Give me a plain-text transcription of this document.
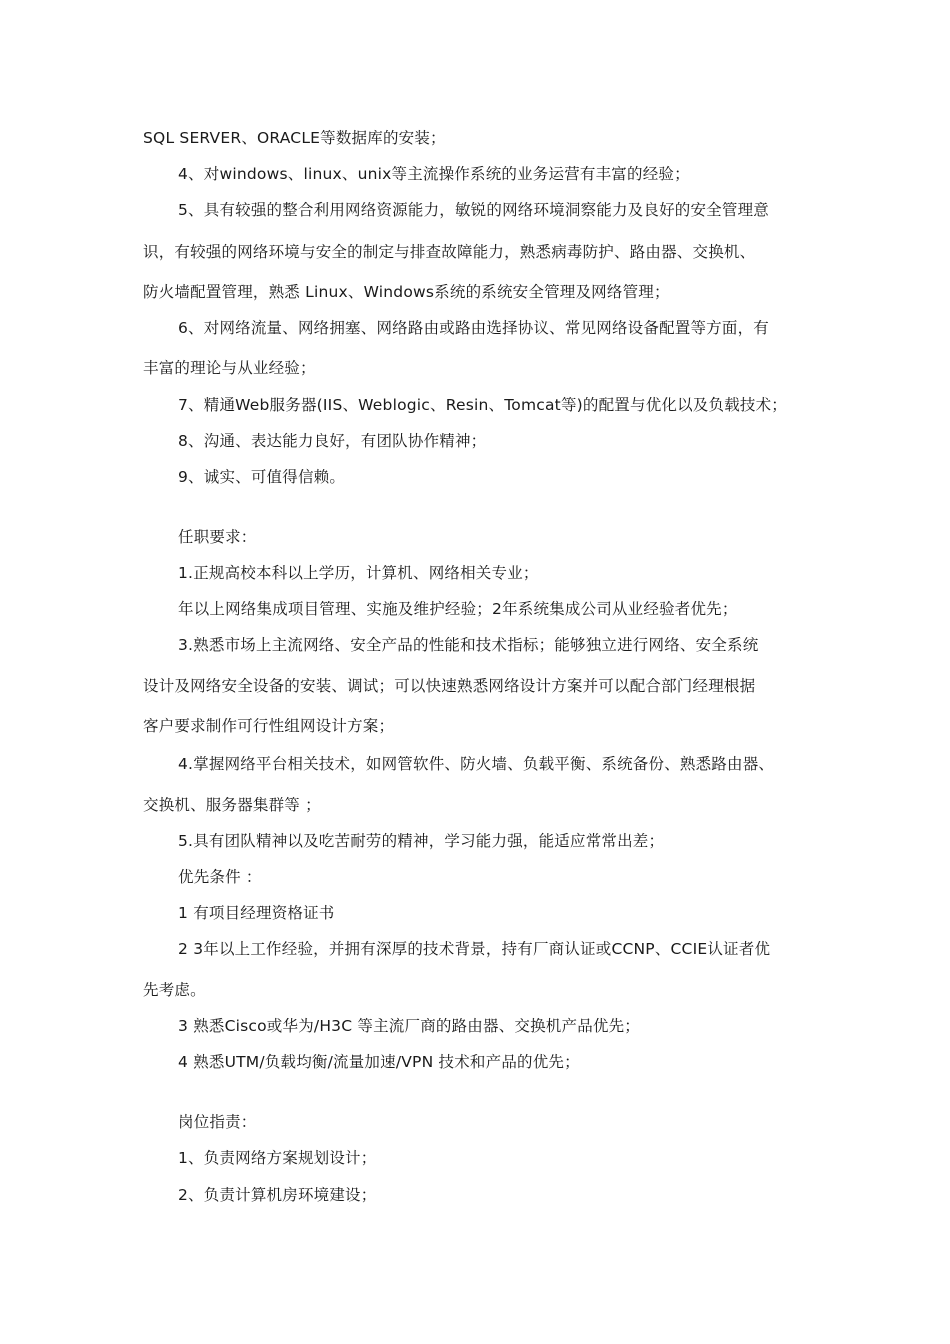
SQL SERVER、ORACLE等数据库的安装；
4、对windows、linux、unix等主流操作系统的业务运营有丰富的经验；
5、具有较强的整合利用网络资源能力，敏锐的网络环境洞察能力及良好的安全管理意
识，有较强的网络环境与安全的制定与排查故障能力，熟悉病毒防护、路由器、交换机、
防火墙配置管理，熟悉 Linux、Windows系统的系统安全管理及网络管理；
6、对网络流量、网络拥塞、网络路由或路由选择协议、常见网络设备配置等方面，有
丰富的理论与从业经验；
7、精通Web服务器(IIS、Weblogic、Resin、Tomcat等)的配置与优化以及负载技术；
8、沟通、表达能力良好，有团队协作精神；
9、诚实、可值得信赖。
任职要求：
1.正规高校本科以上学历，计算机、网络相关专业；
年以上网络集成项目管理、实施及维护经验；2年系统集成公司从业经验者优先；
3.熟悉市场上主流网络、安全产品的性能和技术指标；能够独立进行网络、安全系统
设计及网络安全设备的安装、调试；可以快速熟悉网络设计方案并可以配合部门经理根据
客户要求制作可行性组网设计方案；
4.掌握网络平台相关技术，如网管软件、防火墙、负载平衡、系统备份、熟悉路由器、
交换机、服务器集群等 ；
5.具有团队精神以及吃苦耐劳的精神，学习能力强，能适应常常出差；
优先条件 ：
1 有项目经理资格证书
2 3年以上工作经验，并拥有深厚的技术背景，持有厂商认证或CCNP、CCIE认证者优
先考虑。
3 熟悉Cisco或华为/H3C 等主流厂商的路由器、交换机产品优先；
4 熟悉UTM/负载均衡/流量加速/VPN 技术和产品的优先；
岗位指责：
1、负责网络方案规划设计；
2、负责计算机房环境建设；
